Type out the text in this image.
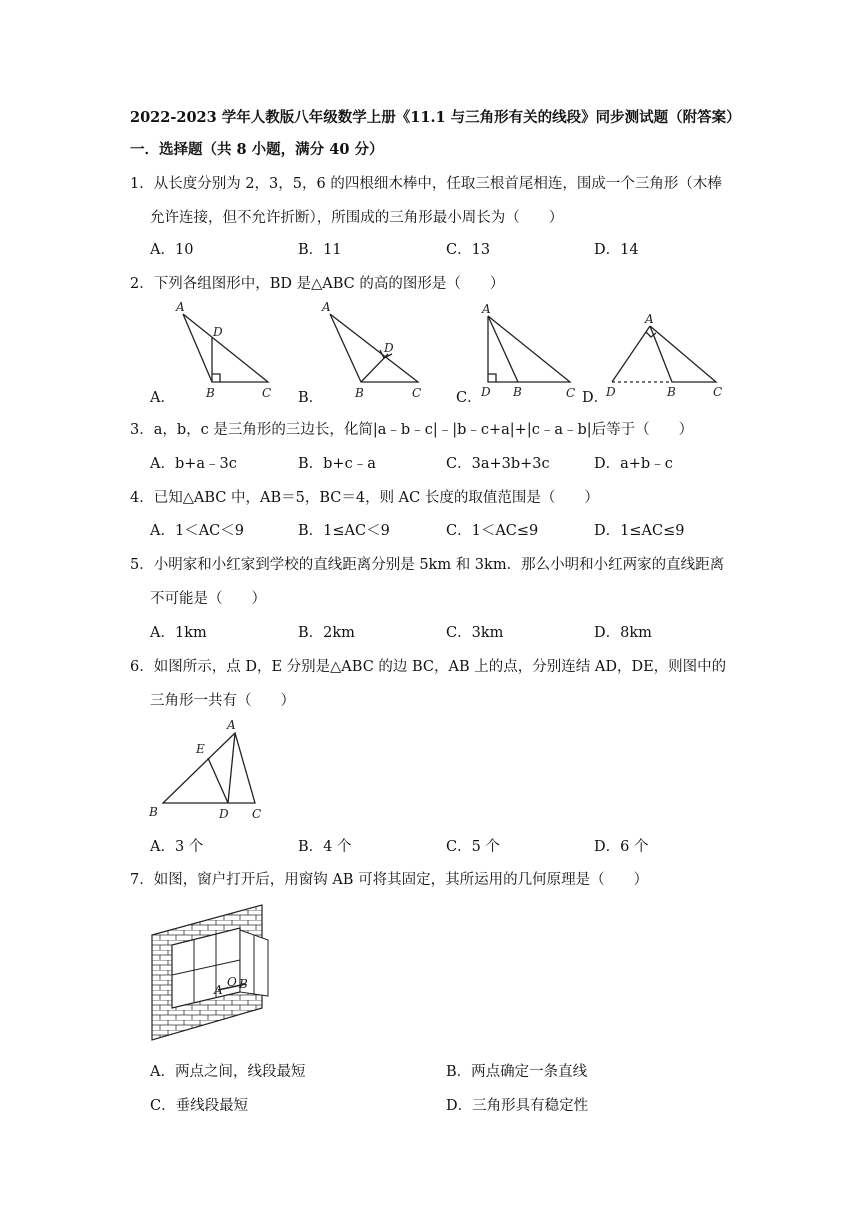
2022-2023 学年人教版八年级数学上册《11.1 与三角形有关的线段》同步测试题（附答案）
一．选择题（共 8 小题，满分 40 分）
1．从长度分别为 2，3，5，6 的四根细木棒中，任取三根首尾相连，围成一个三角形（木棒
允许连接，但不允许折断），所围成的三角形最小周长为（　　）
A．10	B．11	C．13	D．14
2．下列各组图形中，BD 是△ABC 的高的图形是（　　）
A．	B．	C．	D．
A
D
B	C
A
D
B	C
A
D B	C
A
D	B	C
3．a，b，c 是三角形的三边长，化简|a﹣b﹣c|﹣|b﹣c+a|+|c﹣a﹣b|后等于（　　）
A．b+a﹣3c	B．b+c﹣a	C．3a+3b+3c	D．a+b﹣c
4．已知△ABC 中，AB＝5，BC＝4，则 AC 长度的取值范围是（　　）
A．1＜AC＜9	B．1≤AC＜9	C．1＜AC≤9	D．1≤AC≤9
5．小明家和小红家到学校的直线距离分别是 5km 和 3km．那么小明和小红两家的直线距离
不可能是（　　）
A．1km	B．2km	C．3km	D．8km
6．如图所示，点 D，E 分别是△ABC 的边 BC，AB 上的点，分别连结 AD，DE，则图中的
三角形一共有（　　）
A
E
B	D C
A．3 个	B．4 个	C．5 个	D．6 个
7．如图，窗户打开后，用窗钩 AB 可将其固定，其所运用的几何原理是（　　）
A
O B
A．两点之间，线段最短	B．两点确定一条直线
C．垂线段最短	D．三角形具有稳定性
